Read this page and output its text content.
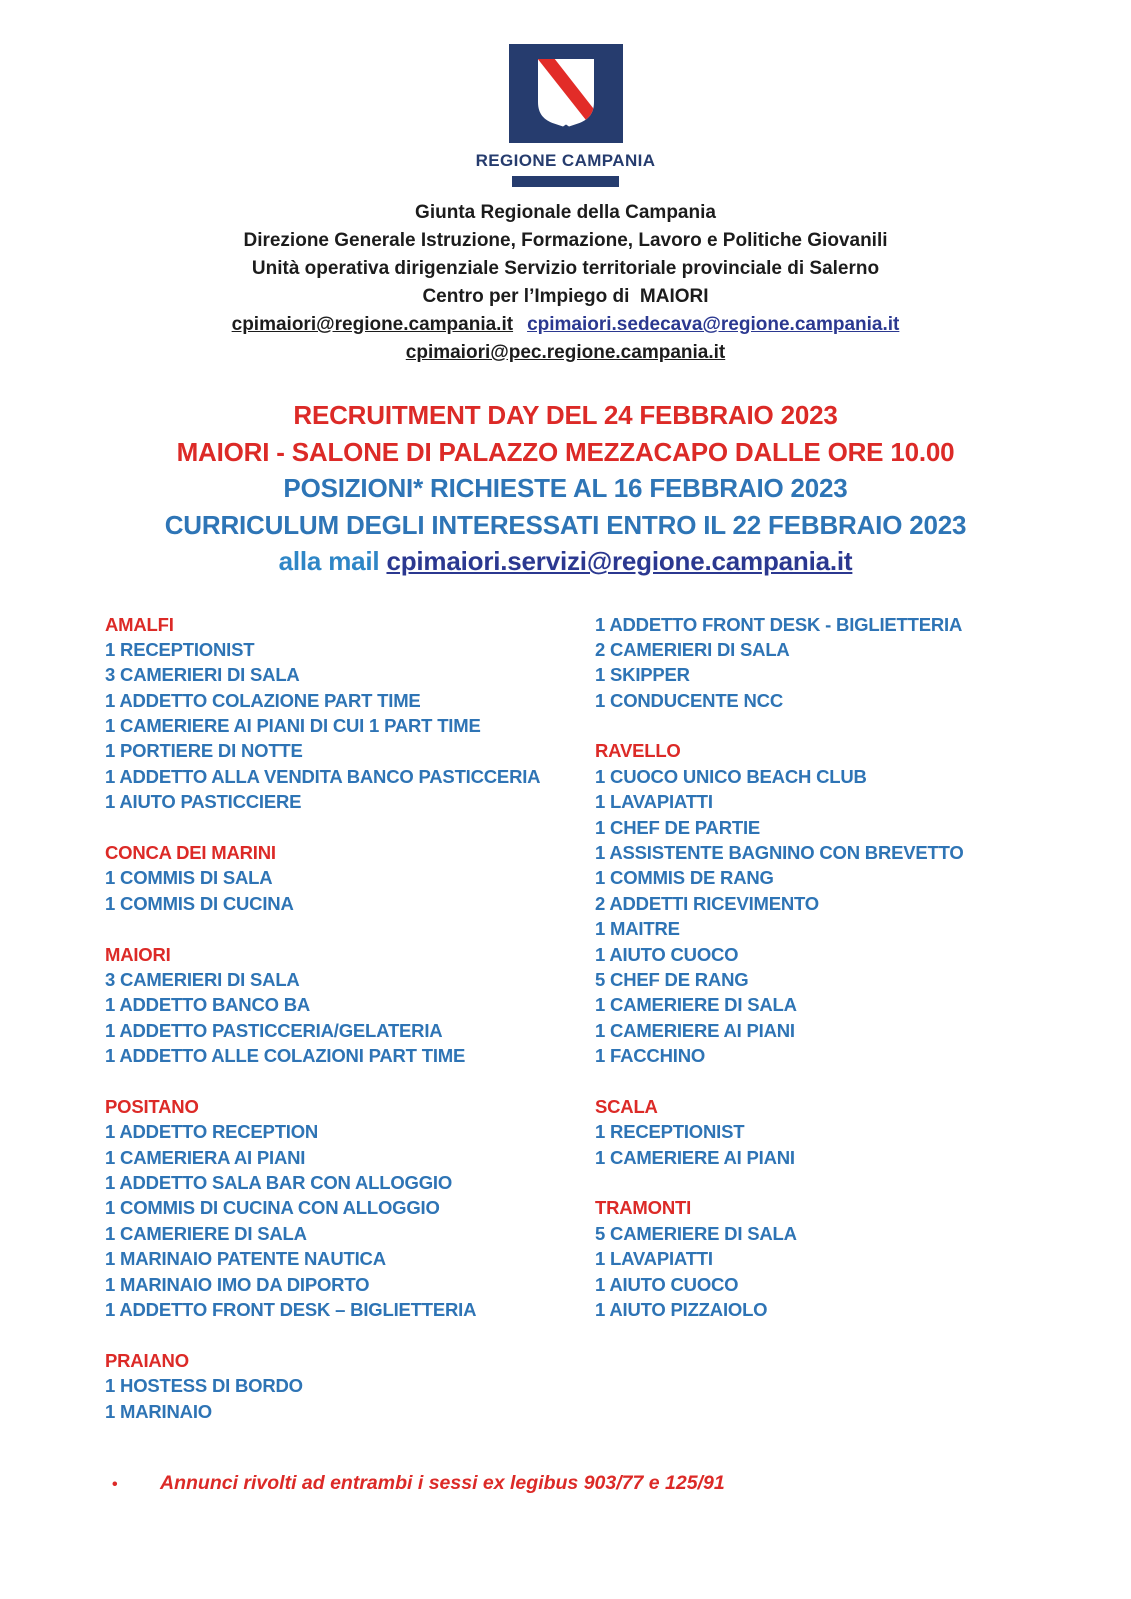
REGIONE CAMPANIA
Giunta Regionale della Campania
Direzione Generale Istruzione, Formazione, Lavoro e Politiche Giovanili
Unità operativa dirigenziale Servizio territoriale provinciale di Salerno
Centro per l’Impiego di  MAIORI
cpimaiori@regione.campania.it cpimaiori.sedecava@regione.campania.it
cpimaiori@pec.regione.campania.it
RECRUITMENT DAY DEL 24 FEBBRAIO 2023
MAIORI - SALONE DI PALAZZO MEZZACAPO DALLE ORE 10.00
POSIZIONI* RICHIESTE AL 16 FEBBRAIO 2023
CURRICULUM DEGLI INTERESSATI ENTRO IL 22 FEBBRAIO 2023
alla mail cpimaiori.servizi@regione.campania.it
AMALFI
1 RECEPTIONIST
3 CAMERIERI DI SALA
1 ADDETTO COLAZIONE PART TIME
1 CAMERIERE AI PIANI DI CUI 1 PART TIME
1 PORTIERE DI NOTTE
1 ADDETTO ALLA VENDITA BANCO PASTICCERIA
1 AIUTO PASTICCIERE
CONCA DEI MARINI
1 COMMIS DI SALA
1 COMMIS DI CUCINA
MAIORI
3 CAMERIERI DI SALA
1 ADDETTO BANCO BA
1 ADDETTO PASTICCERIA/GELATERIA
1 ADDETTO ALLE COLAZIONI PART TIME
POSITANO
1 ADDETTO RECEPTION
1 CAMERIERA AI PIANI
1 ADDETTO SALA BAR CON ALLOGGIO
1 COMMIS DI CUCINA CON ALLOGGIO
1 CAMERIERE DI SALA
1 MARINAIO PATENTE NAUTICA
1 MARINAIO IMO DA DIPORTO
1 ADDETTO FRONT DESK – BIGLIETTERIA
PRAIANO
1 HOSTESS DI BORDO
1 MARINAIO
1 ADDETTO FRONT DESK - BIGLIETTERIA
2 CAMERIERI DI SALA
1 SKIPPER
1 CONDUCENTE NCC
RAVELLO
1 CUOCO UNICO BEACH CLUB
1 LAVAPIATTI
1 CHEF DE PARTIE
1 ASSISTENTE BAGNINO CON BREVETTO
1 COMMIS DE RANG
2 ADDETTI RICEVIMENTO
1 MAITRE
1 AIUTO CUOCO
5 CHEF DE RANG
1 CAMERIERE DI SALA
1 CAMERIERE AI PIANI
1 FACCHINO
SCALA
1 RECEPTIONIST
1 CAMERIERE AI PIANI
TRAMONTI
5 CAMERIERE DI SALA
1 LAVAPIATTI
1 AIUTO CUOCO
1 AIUTO PIZZAIOLO
•	Annunci rivolti ad entrambi i sessi ex legibus 903/77 e 125/91
